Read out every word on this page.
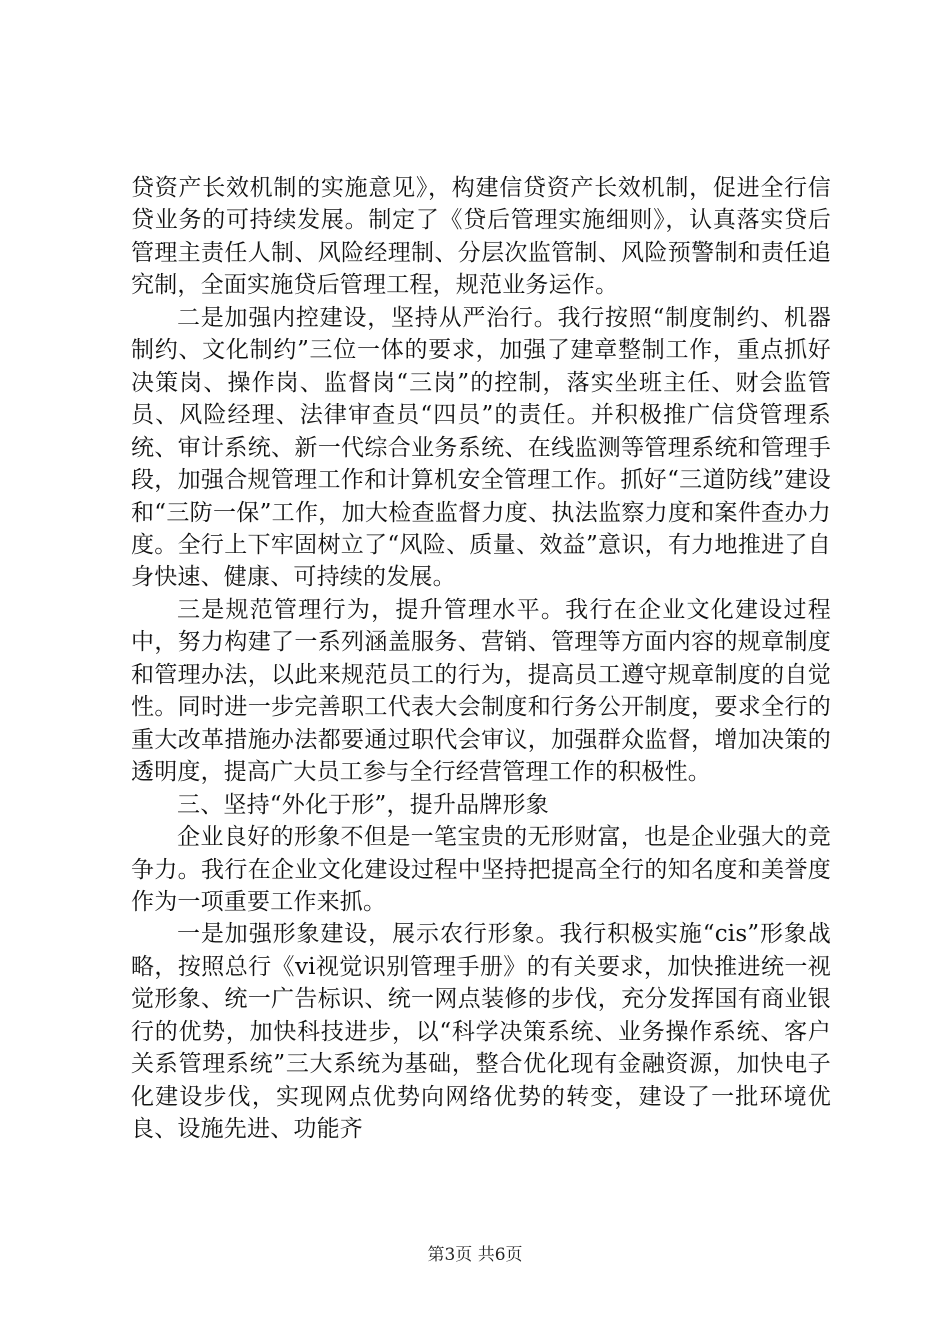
贷资产长效机制的实施意见》，构建信贷资产长效机制，促进全行信贷业务的可持续发展。制定了《贷后管理实施细则》，认真落实贷后管理主责任人制、风险经理制、分层次监管制、风险预警制和责任追究制，全面实施贷后管理工程，规范业务运作。

二是加强内控建设，坚持从严治行。我行按照“制度制约、机器制约、文化制约”三位一体的要求，加强了建章整制工作，重点抓好决策岗、操作岗、监督岗“三岗”的控制，落实坐班主任、财会监管员、风险经理、法律审查员“四员”的责任。并积极推广信贷管理系统、审计系统、新一代综合业务系统、在线监测等管理系统和管理手段，加强合规管理工作和计算机安全管理工作。抓好“三道防线”建设和“三防一保”工作，加大检查监督力度、执法监察力度和案件查办力度。全行上下牢固树立了“风险、质量、效益”意识，有力地推进了自身快速、健康、可持续的发展。

三是规范管理行为，提升管理水平。我行在企业文化建设过程中，努力构建了一系列涵盖服务、营销、管理等方面内容的规章制度和管理办法，以此来规范员工的行为，提高员工遵守规章制度的自觉性。同时进一步完善职工代表大会制度和行务公开制度，要求全行的重大改革措施办法都要通过职代会审议，加强群众监督，增加决策的透明度，提高广大员工参与全行经营管理工作的积极性。

三、坚持“外化于形”，提升品牌形象

企业良好的形象不但是一笔宝贵的无形财富，也是企业强大的竞争力。我行在企业文化建设过程中坚持把提高全行的知名度和美誉度作为一项重要工作来抓。

一是加强形象建设，展示农行形象。我行积极实施“cis”形象战略，按照总行《vi视觉识别管理手册》的有关要求，加快推进统一视觉形象、统一广告标识、统一网点装修的步伐，充分发挥国有商业银行的优势，加快科技进步，以“科学决策系统、业务操作系统、客户关系管理系统”三大系统为基础，整合优化现有金融资源，加快电子化建设步伐，实现网点优势向网络优势的转变，建设了一批环境优良、设施先进、功能齐

第3页 共6页
